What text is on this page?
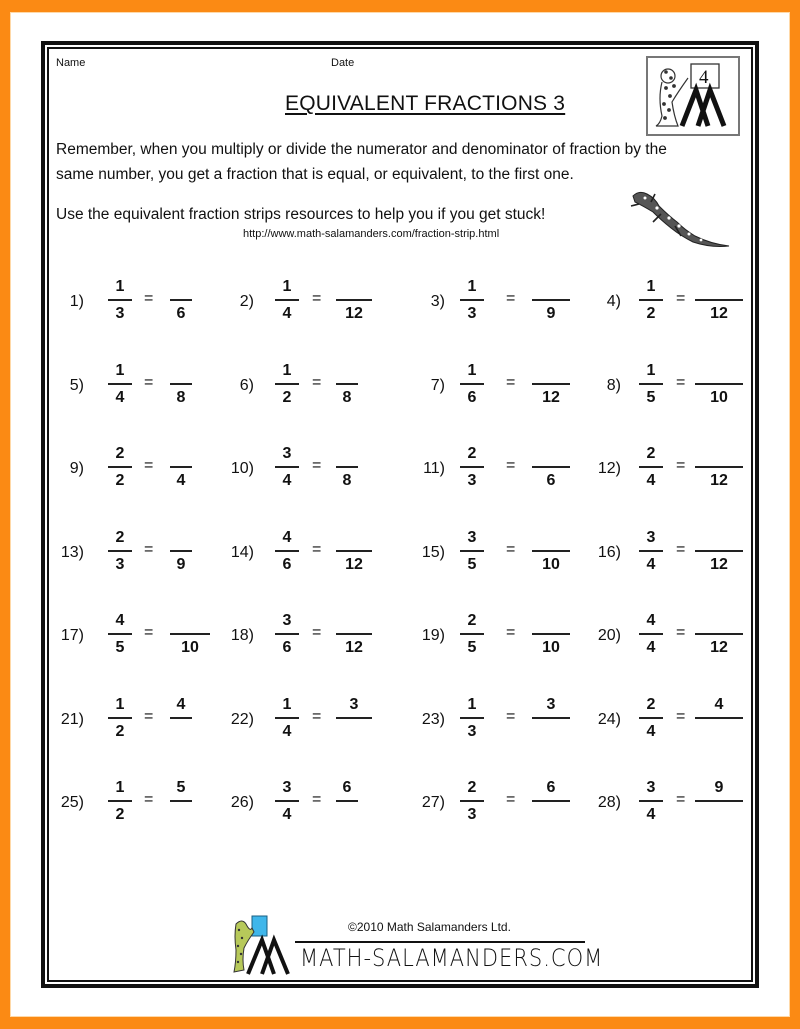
Name	Date
EQUIVALENT FRACTIONS 3
4
Remember, when you multiply or divide the numerator and denominator of fraction by the
same number, you get a fraction that is equal, or equivalent, to the first one.
Use the equivalent fraction strips resources to help you if you get stuck!
http://www.math-salamanders.com/fraction-strip.html
1)
1
3
=
6
2)
1
4
=
12
3)
1
3
=
9
4)
1
2
=
12
5)
1
4
=
8
6)
1
2
=
8
7)
1
6
=
12
8)
1
5
=
10
9)
2
2
=
4
10)
3
4
=
8
11)
2
3
=
6
12)
2
4
=
12
13)
2
3
=
9
14)
4
6
=
12
15)
3
5
=
10
16)
3
4
=
12
17)
4
5
=
10
18)
3
6
=
12
19)
2
5
=
10
20)
4
4
=
12
21)
1
2
=
4
22)
1
4
=
3
23)
1
3
=
3
24)
2
4
=
4
25)
1
2
=
5
26)
3
4
=
6
27)
2
3
=
6
28)
3
4
=
9
©2010 Math Salamanders Ltd.
MATH-SALAMANDERS.COM
